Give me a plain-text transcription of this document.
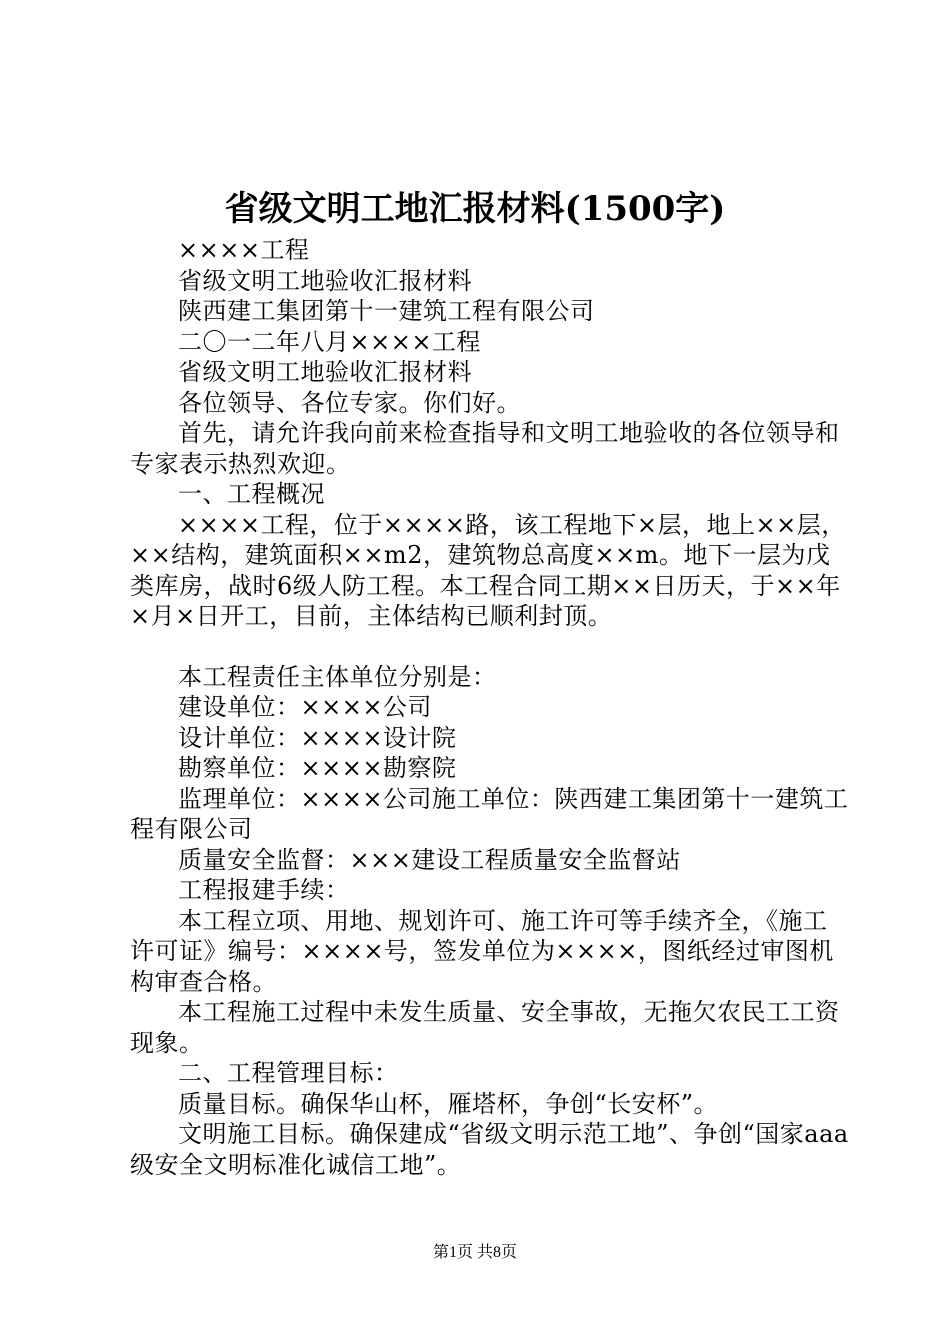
省级文明工地汇报材料(1500字)

××××工程

省级文明工地验收汇报材料

陕西建工集团第十一建筑工程有限公司

二〇一二年八月××××工程

省级文明工地验收汇报材料

各位领导、各位专家。你们好。

首先，请允许我向前来检查指导和文明工地验收的各位领导和专家表示热烈欢迎。

一、工程概况

××××工程，位于××××路，该工程地下×层，地上××层，××结构，建筑面积××m2，建筑物总高度××m。地下一层为戊类库房，战时6级人防工程。本工程合同工期××日历天，于××年×月×日开工，目前，主体结构已顺利封顶。

本工程责任主体单位分别是：

建设单位：××××公司

设计单位：××××设计院

勘察单位：××××勘察院

监理单位：××××公司施工单位：陕西建工集团第十一建筑工程有限公司

质量安全监督：×××建设工程质量安全监督站

工程报建手续：

本工程立项、用地、规划许可、施工许可等手续齐全，《施工许可证》编号：××××号，签发单位为××××，图纸经过审图机构审查合格。

本工程施工过程中未发生质量、安全事故，无拖欠农民工工资现象。

二、工程管理目标：

质量目标。确保华山杯，雁塔杯，争创“长安杯”。

文明施工目标。确保建成“省级文明示范工地”、争创“国家aaa级安全文明标准化诚信工地”。

第1页 共8页
